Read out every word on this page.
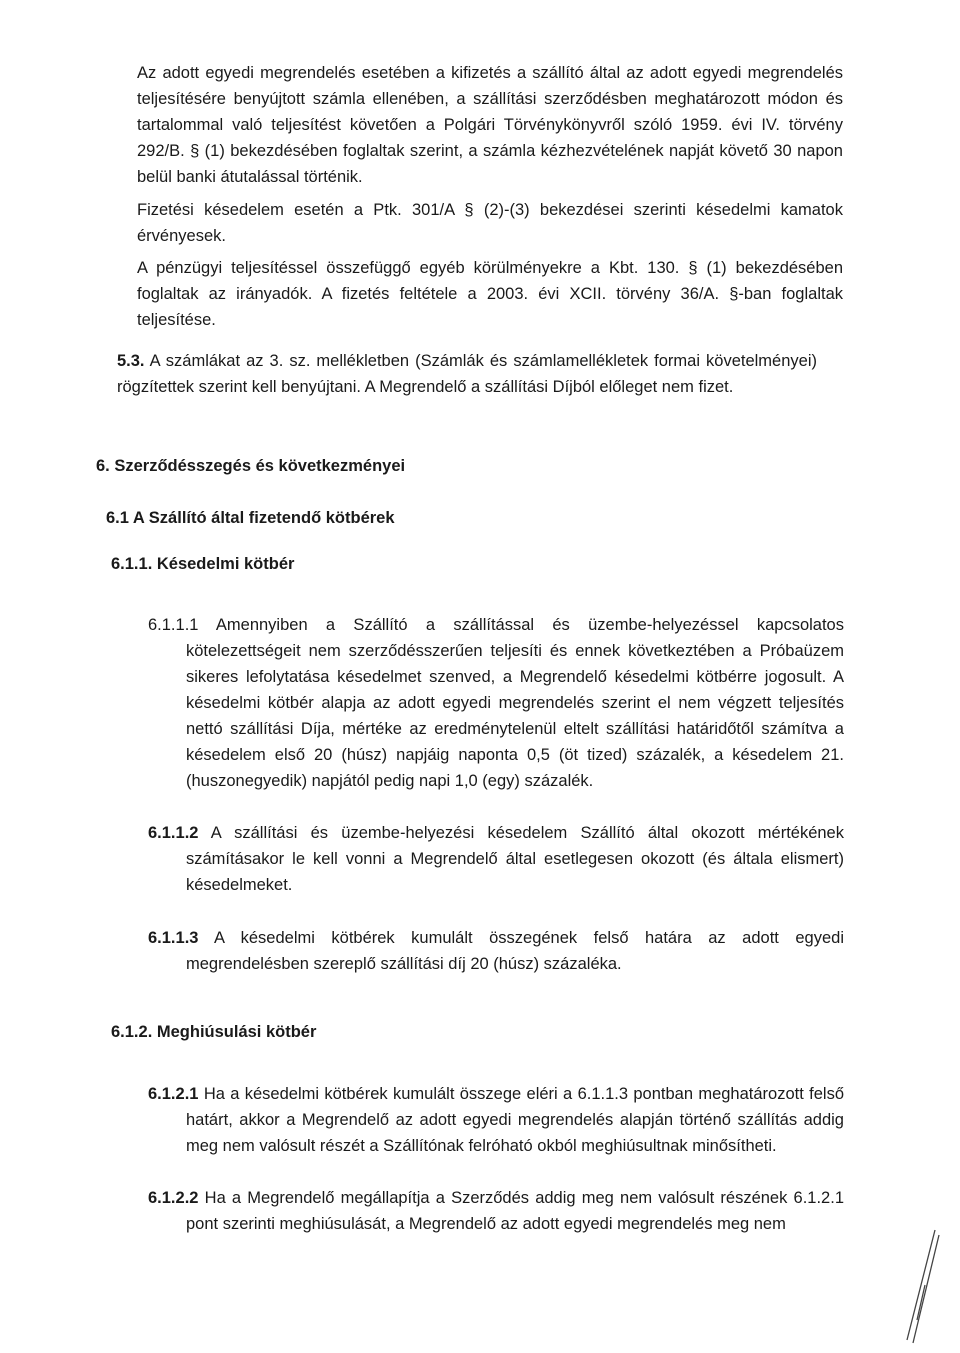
Az adott egyedi megrendelés esetében a kifizetés a szállító által az adott egyedi megrendelés teljesítésére benyújtott számla ellenében, a szállítási szerződésben meghatározott módon és tartalommal való teljesítést követően a Polgári Törvénykönyvről szóló 1959. évi IV. törvény 292/B. § (1) bekezdésében foglaltak szerint, a számla kézhezvételének napját követő 30 napon belül banki átutalással történik.

Fizetési késedelem esetén a Ptk. 301/A § (2)-(3) bekezdései szerinti késedelmi kamatok érvényesek.

A pénzügyi teljesítéssel összefüggő egyéb körülményekre a Kbt. 130. § (1) bekezdésében foglaltak az irányadók. A fizetés feltétele a 2003. évi XCII. törvény 36/A. §-ban foglaltak teljesítése.

5.3. A számlákat az 3. sz. mellékletben (Számlák és számlamellékletek formai követelményei) rögzítettek szerint kell benyújtani. A Megrendelő a szállítási Díjból előleget nem fizet.

6. Szerződésszegés és következményei
6.1 A Szállító által fizetendő kötbérek
6.1.1. Késedelmi kötbér

6.1.1.1 Amennyiben a Szállító a szállítással és üzembe-helyezéssel kapcsolatos kötelezettségeit nem szerződésszerűen teljesíti és ennek következtében a Próbaüzem sikeres lefolytatása késedelmet szenved, a Megrendelő késedelmi kötbérre jogosult. A késedelmi kötbér alapja az adott egyedi megrendelés szerint el nem végzett teljesítés nettó szállítási Díja, mértéke az eredménytelenül eltelt szállítási határidőtől számítva a késedelem első 20 (húsz) napjáig naponta 0,5 (öt tized) százalék, a késedelem 21. (huszonegyedik) napjától pedig napi 1,0 (egy) százalék.

6.1.1.2 A szállítási és üzembe-helyezési késedelem Szállító által okozott mértékének számításakor le kell vonni a Megrendelő által esetlegesen okozott (és általa elismert) késedelmeket.

6.1.1.3 A késedelmi kötbérek kumulált összegének felső határa az adott egyedi megrendelésben szereplő szállítási díj 20 (húsz) százaléka.

6.1.2. Meghiúsulási kötbér

6.1.2.1 Ha a késedelmi kötbérek kumulált összege eléri a 6.1.1.3 pontban meghatározott felső határt, akkor a Megrendelő az adott egyedi megrendelés alapján történő szállítás addig meg nem valósult részét a Szállítónak felróható okból meghiúsultnak minősítheti.

6.1.2.2 Ha a Megrendelő megállapítja a Szerződés addig meg nem valósult részének 6.1.2.1 pont szerinti meghiúsulását, a Megrendelő az adott egyedi megrendelés meg nem
